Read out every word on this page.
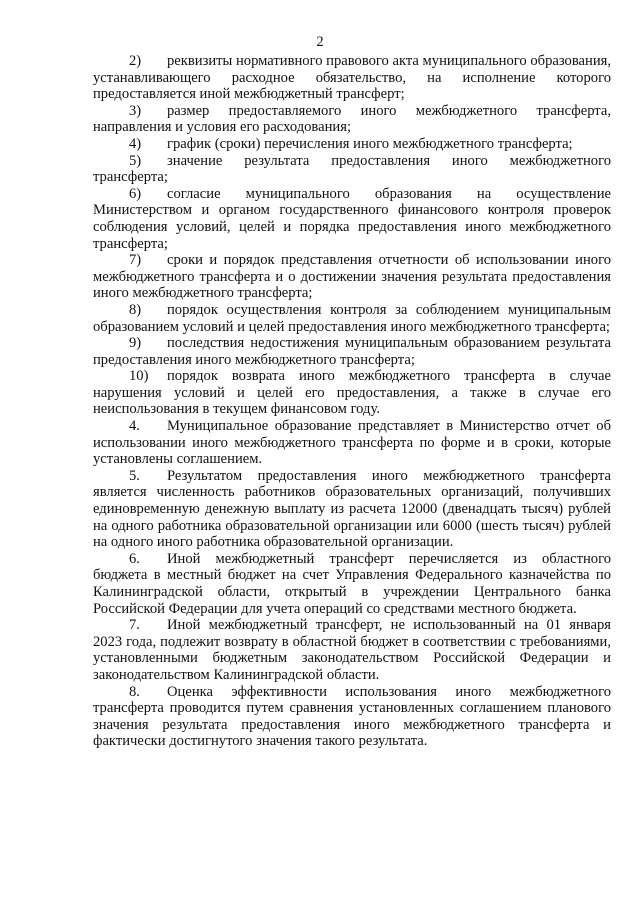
2

2) реквизиты нормативного правового акта муниципального образования, устанавливающего расходное обязательство, на исполнение которого предоставляется иной межбюджетный трансферт;

3) размер предоставляемого иного межбюджетного трансферта, направления и условия его расходования;

4) график (сроки) перечисления иного межбюджетного трансферта;

5) значение результата предоставления иного межбюджетного трансферта;

6) согласие муниципального образования на осуществление Министерством и органом государственного финансового контроля проверок соблюдения условий, целей и порядка предоставления иного межбюджетного трансферта;

7) сроки и порядок представления отчетности об использовании иного межбюджетного трансферта и о достижении значения результата предоставления иного межбюджетного трансферта;

8) порядок осуществления контроля за соблюдением муниципальным образованием условий и целей предоставления иного межбюджетного трансферта;

9) последствия недостижения муниципальным образованием результата предоставления иного межбюджетного трансферта;

10) порядок возврата иного межбюджетного трансферта в случае нарушения условий и целей его предоставления, а также в случае его неиспользования в текущем финансовом году.

4. Муниципальное образование представляет в Министерство отчет об использовании иного межбюджетного трансферта по форме и в сроки, которые установлены соглашением.

5. Результатом предоставления иного межбюджетного трансферта является численность работников образовательных организаций, получивших единовременную денежную выплату из расчета 12000 (двенадцать тысяч) рублей на одного работника образовательной организации или 6000 (шесть тысяч) рублей на одного иного работника образовательной организации.

6. Иной межбюджетный трансферт перечисляется из областного бюджета в местный бюджет на счет Управления Федерального казначейства по Калининградской области, открытый в учреждении Центрального банка Российской Федерации для учета операций со средствами местного бюджета.

7. Иной межбюджетный трансферт, не использованный на 01 января 2023 года, подлежит возврату в областной бюджет в соответствии с требованиями, установленными бюджетным законодательством Российской Федерации и законодательством Калининградской области.

8. Оценка эффективности использования иного межбюджетного трансферта проводится путем сравнения установленных соглашением планового значения результата предоставления иного межбюджетного трансферта и фактически достигнутого значения такого результата.
